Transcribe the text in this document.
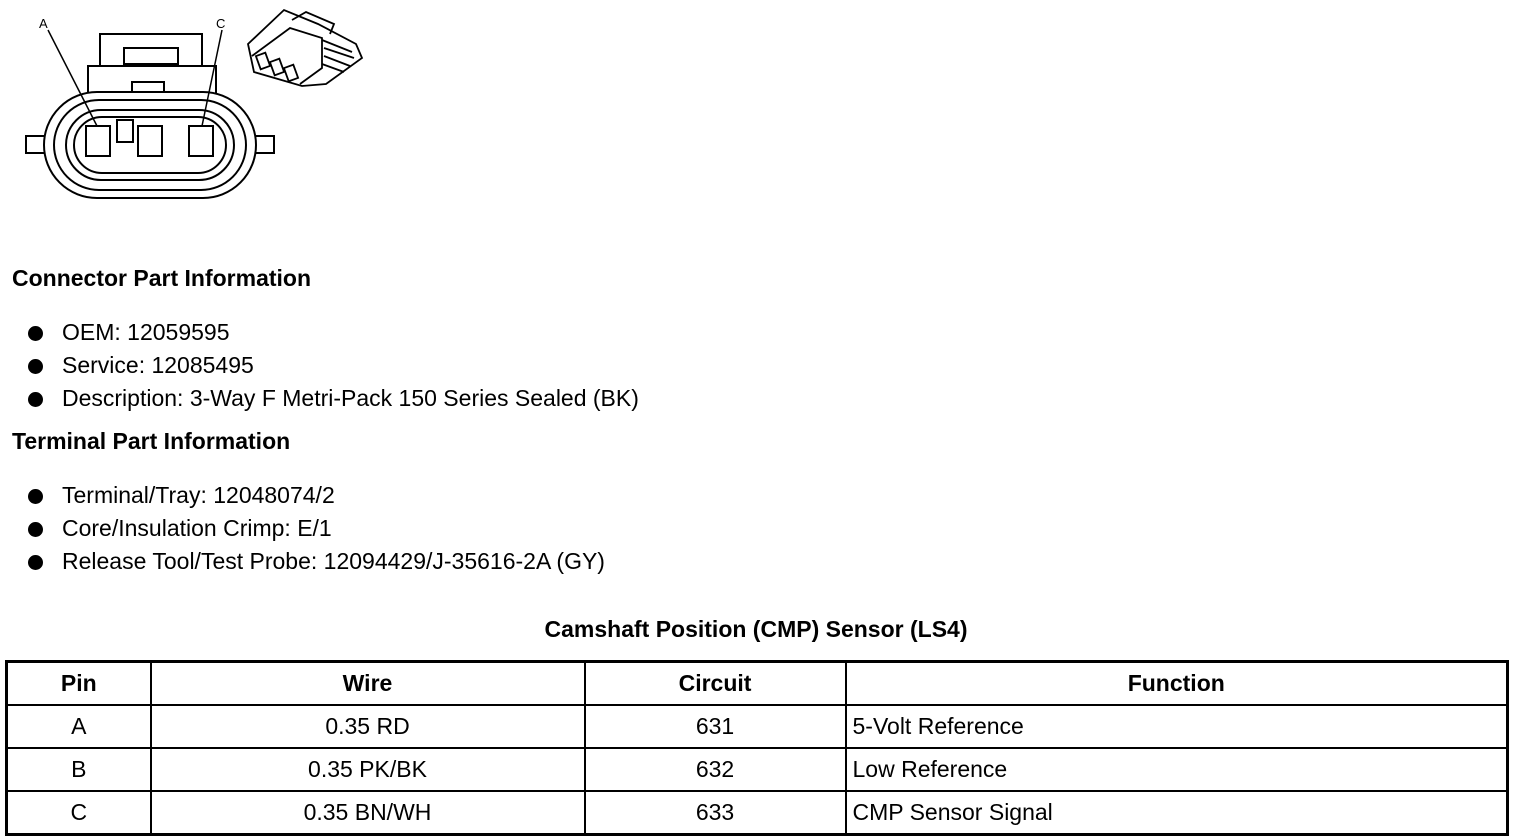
A	C
Connector Part Information
OEM: 12059595
Service: 12085495
Description: 3-Way F Metri-Pack 150 Series Sealed (BK)
Terminal Part Information
Terminal/Tray: 12048074/2
Core/Insulation Crimp: E/1
Release Tool/Test Probe: 12094429/J-35616-2A (GY)
Camshaft Position (CMP) Sensor (LS4)
Pin	Wire	Circuit	Function
A	0.35 RD	631	5-Volt Reference
B	0.35 PK/BK	632	Low Reference
C	0.35 BN/WH	633	CMP Sensor Signal
